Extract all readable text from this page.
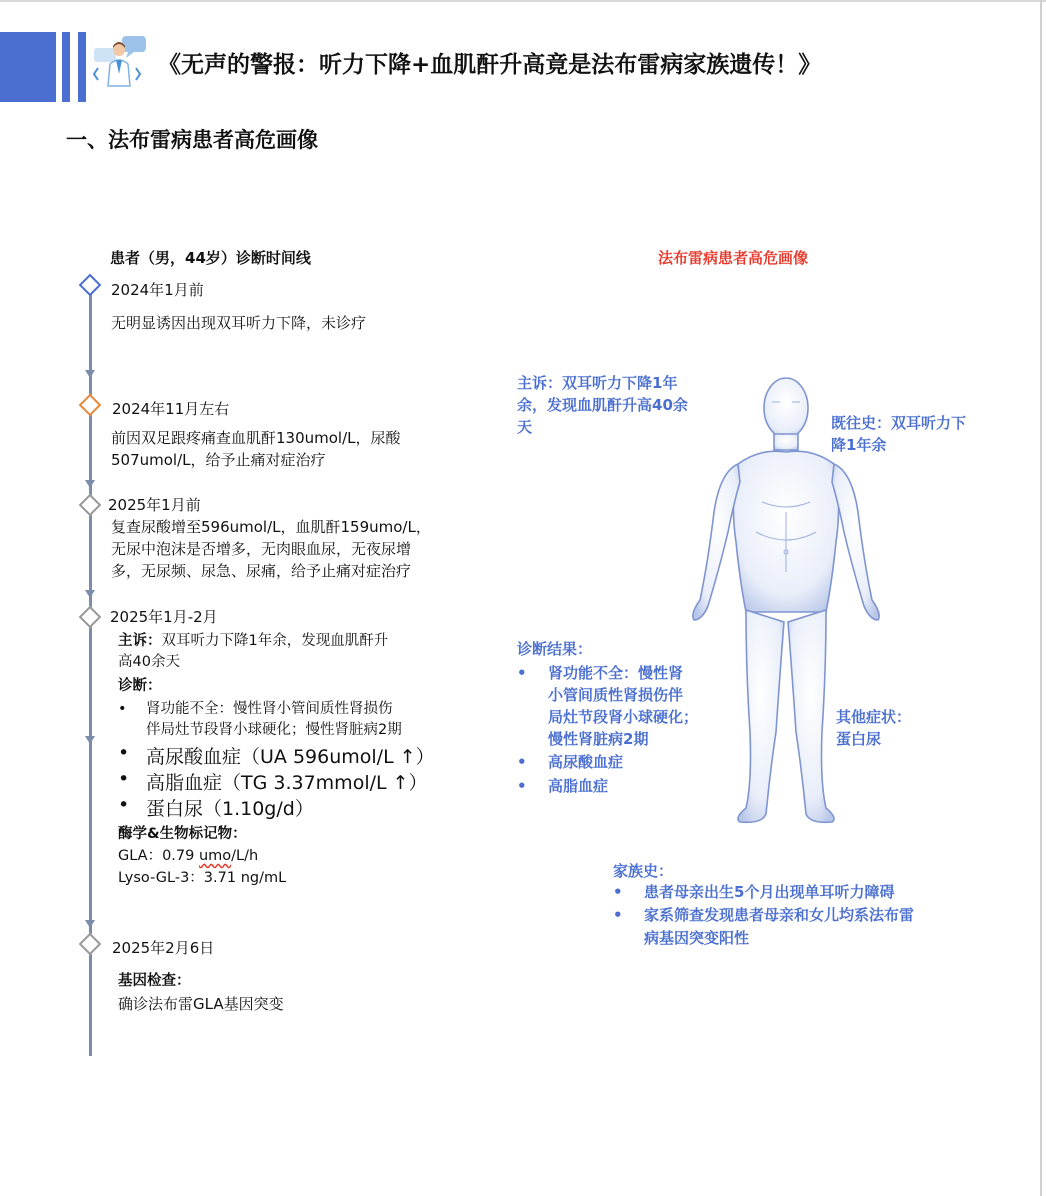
《无声的警报：听力下降+血肌酐升高竟是法布雷病家族遗传！》
一、法布雷病患者高危画像
患者（男，44岁）诊断时间线	法布雷病患者高危画像
2024年1月前
无明显诱因出现双耳听力下降，未诊疗
2024年11月左右
前因双足跟疼痛查血肌酐130umol/L，尿酸
507umol/L，给予止痛对症治疗
2025年1月前
复查尿酸增至596umol/L，血肌酐159umo/L，
无尿中泡沫是否增多，无肉眼血尿，无夜尿增
多，无尿频、尿急、尿痛，给予止痛对症治疗
2025年1月-2月
主诉：双耳听力下降1年余，发现血肌酐升
高40余天
诊断：
• 肾功能不全：慢性肾小管间质性肾损伤
伴局灶节段肾小球硬化；慢性肾脏病2期
• 高尿酸血症（UA 596umol/L ↑）
• 高脂血症（TG 3.37mmol/L ↑）
• 蛋白尿（1.10g/d）
酶学&生物标记物：
GLA：0.79 umo/L/h
Lyso-GL-3：3.71 ng/mL
2025年2月6日
基因检查：
确诊法布雷GLA基因突变
主诉：双耳听力下降1年
余，发现血肌酐升高40余
天	既往史：双耳听力下
降1年余
诊断结果：
• 肾功能不全：慢性肾
小管间质性肾损伤伴
局灶节段肾小球硬化；
慢性肾脏病2期
• 高尿酸血症
• 高脂血症
其他症状：
蛋白尿
家族史：
• 患者母亲出生5个月出现单耳听力障碍
• 家系筛查发现患者母亲和女儿均系法布雷
病基因突变阳性
